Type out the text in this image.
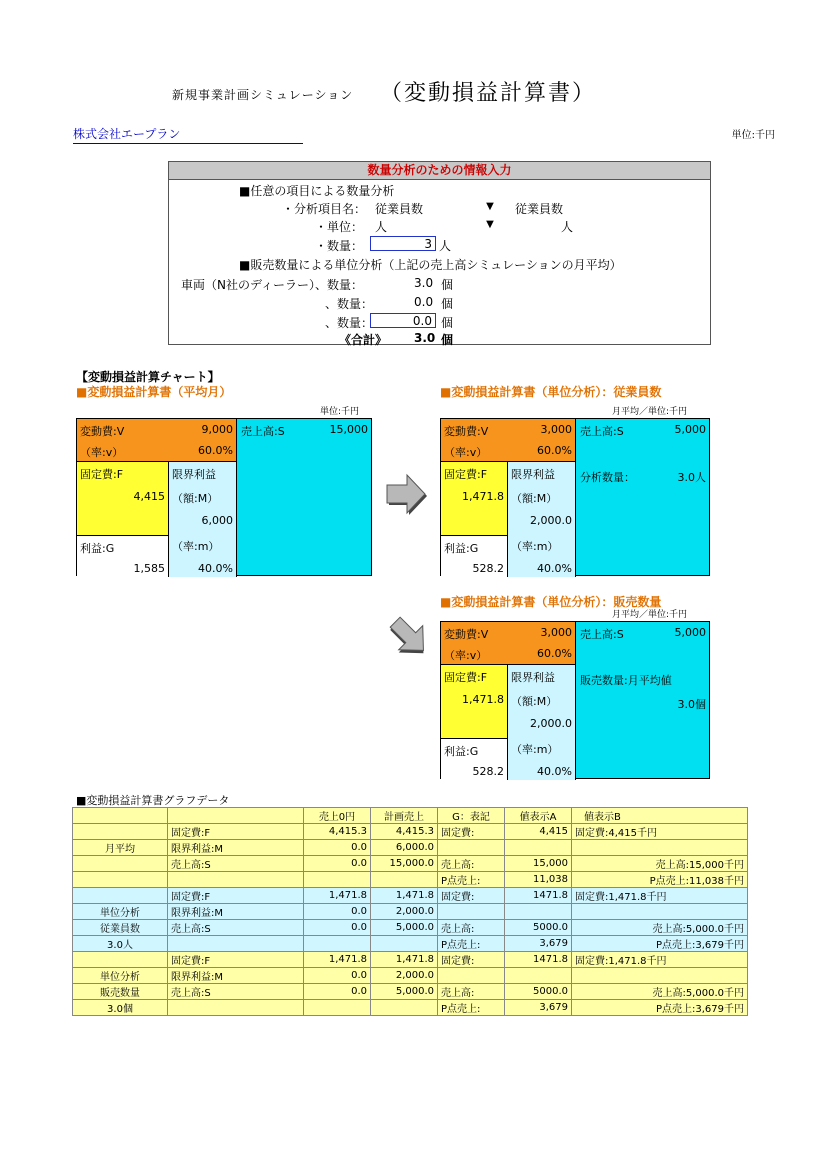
新規事業計画シミュレーション （変動損益計算書）
株式会社エープラン	単位:千円
数量分析のための情報入力
■任意の項目による数量分析
・分析項目名： 従業員数	▼ 従業員数
・単位： 人	▼	人
・数量：	3 人
■販売数量による単位分析（上記の売上高シミュレーションの月平均）
車両（N社のディーラー）、数量：	3.0 個
、数量：	0.0 個
、数量：	0.0 個
《合計》 3.0 個
【変動損益計算チャート】
■変動損益計算書（平均月）
単位:千円
変動費:V	9,000
（率:v）	60.0%
固定費:F
4,415
限界利益
（額:M）
6,000
（率:m）
40.0%
利益:G
1,585
売上高:S	15,000
■変動損益計算書（単位分析）：従業員数
月平均／単位:千円
変動費:V	3,000
（率:v）	60.0%
固定費:F
1,471.8
限界利益
（額:M）
2,000.0
（率:m）
40.0%
利益:G
528.2
売上高:S	5,000
分析数量：	3.0人
■変動損益計算書（単位分析）：販売数量
月平均／単位:千円
変動費:V	3,000
（率:v）	60.0%
固定費:F
1,471.8
限界利益
（額:M）
2,000.0
（率:m）
40.0%
利益:G
528.2
売上高:S	5,000
販売数量:月平均値
3.0個
■変動損益計算書グラフデータ
		売上0円	計画売上	G：表記	値表示A	値表示B
	固定費:F	4,415.3	4,415.3	固定費:	4,415	固定費:4,415千円
月平均	限界利益:M	0.0	6,000.0			
	売上高:S	0.0	15,000.0	売上高:	15,000	売上高:15,000千円
				P点売上:	11,038	P点売上:11,038千円
	固定費:F	1,471.8	1,471.8	固定費:	1471.8	固定費:1,471.8千円
単位分析	限界利益:M	0.0	2,000.0			
従業員数	売上高:S	0.0	5,000.0	売上高:	5000.0	売上高:5,000.0千円
3.0人				P点売上:	3,679	P点売上:3,679千円
	固定費:F	1,471.8	1,471.8	固定費:	1471.8	固定費:1,471.8千円
単位分析	限界利益:M	0.0	2,000.0			
販売数量	売上高:S	0.0	5,000.0	売上高:	5000.0	売上高:5,000.0千円
3.0個				P点売上:	3,679	P点売上:3,679千円
